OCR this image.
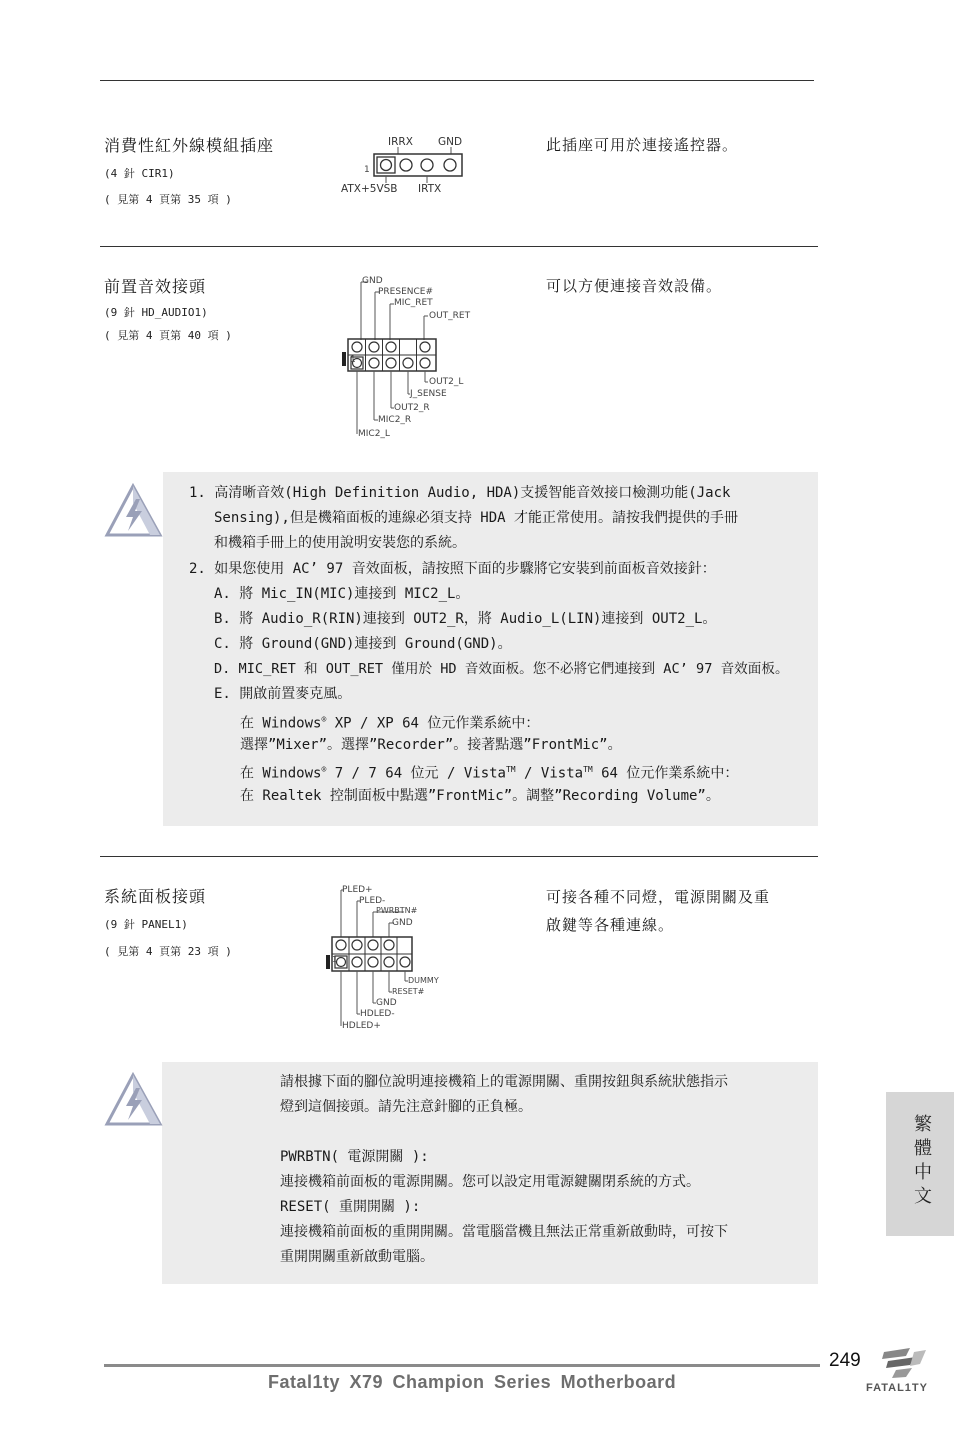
消費性紅外線模組插座
(4 針 CIR1)
( 見第 4 頁第 35 項 )
此插座可用於連接遙控器。
IRRX GND
1
ATX+5VSB IRTX
前置音效接頭
(9 針 HD_AUDIO1)
( 見第 4 頁第 40 項 )
可以方便連接音效設備。
GND
PRESENCE#
MIC_RET
OUT_RET
1
OUT2_L
J_SENSE
OUT2_R
MIC2_R
MIC2_L
1. 高清晰音效(High Definition Audio, HDA)支援智能音效接口檢測功能(Jack
Sensing),但是機箱面板的連線必須支持 HDA 才能正常使用。請按我們提供的手冊
和機箱手冊上的使用說明安裝您的系統。
2. 如果您使用 AC’ 97 音效面板，請按照下面的步驟將它安裝到前面板音效接針：
A. 將 Mic_IN(MIC)連接到 MIC2_L。
B. 將 Audio_R(RIN)連接到 OUT2_R，將 Audio_L(LIN)連接到 OUT2_L。
C. 將 Ground(GND)連接到 Ground(GND)。
D. MIC_RET 和 OUT_RET 僅用於 HD 音效面板。您不必將它們連接到 AC’ 97 音效面板。
E. 開啟前置麥克風。
在 Windows® XP / XP 64 位元作業系統中：
選擇”Mixer”。選擇”Recorder”。接著點選”FrontMic”。
在 Windows® 7 / 7 64 位元 / Vista™ / Vista™ 64 位元作業系統中：
在 Realtek 控制面板中點選”FrontMic”。調整”Recording Volume”。
系統面板接頭
(9 針 PANEL1)
( 見第 4 頁第 23 項 )
可接各種不同燈，電源開關及重
啟鍵等各種連線。
PLED+
PLED-
PWRBTN#
GND
1
DUMMY
RESET#
GND
HDLED-
HDLED+
請根據下面的腳位說明連接機箱上的電源開關、重開按鈕與系統狀態指示
燈到這個接頭。請先注意針腳的正負極。
PWRBTN( 電源開關 ):
連接機箱前面板的電源開關。您可以設定用電源鍵關閉系統的方式。
RESET( 重開開關 ):
連接機箱前面板的重開開關。當電腦當機且無法正常重新啟動時，可按下
重開開關重新啟動電腦。
繁體中文
Fatal1ty X79 Champion Series Motherboard
249
FATAL1TY
